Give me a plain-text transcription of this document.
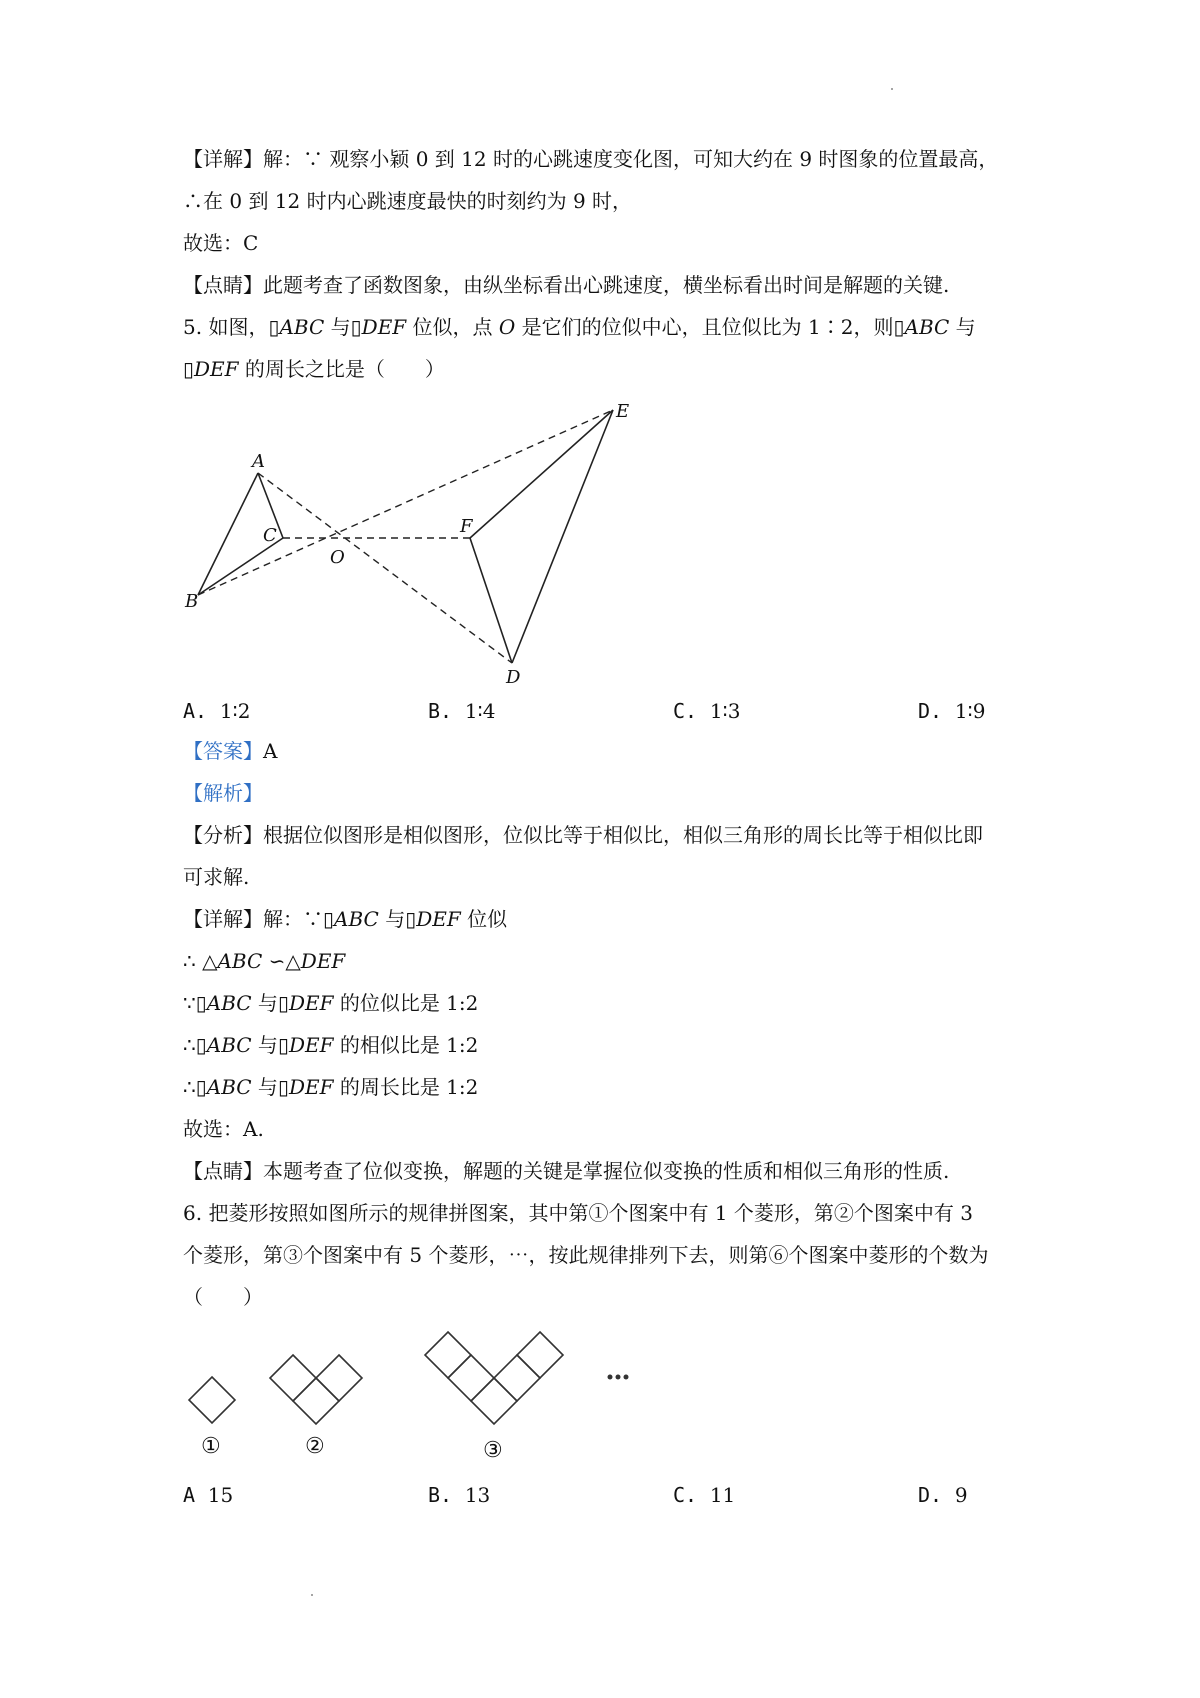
【详解】解：∵ 观察小颖 0 到 12 时的心跳速度变化图，可知大约在 9 时图象的位置最高，
∴在 0 到 12 时内心跳速度最快的时刻约为 9 时，
故选：C
【点睛】此题考查了函数图象，由纵坐标看出心跳速度，横坐标看出时间是解题的关键.
5. 如图，▯ABC 与▯DEF 位似，点 O 是它们的位似中心，且位似比为 1∶2，则▯ABC 与
▯DEF 的周长之比是（　　）
A
B
C
O
D
E
F
A. 1∶2	B. 1∶4	C. 1∶3	D. 1∶9
【答案】A
【解析】
【分析】根据位似图形是相似图形，位似比等于相似比，相似三角形的周长比等于相似比即
可求解.
【详解】解：∵▯ABC 与▯DEF 位似
∴ △ABC ∽△DEF
∵▯ABC 与▯DEF 的位似比是 1:2
∴▯ABC 与▯DEF 的相似比是 1:2
∴▯ABC 与▯DEF 的周长比是 1:2
故选：A.
【点睛】本题考查了位似变换，解题的关键是掌握位似变换的性质和相似三角形的性质.
6. 把菱形按照如图所示的规律拼图案，其中第①个图案中有 1 个菱形，第②个图案中有 3
个菱形，第③个图案中有 5 个菱形，⋯，按此规律排列下去，则第⑥个图案中菱形的个数为
（　　）
①	②	③
A 15	B. 13	C. 11	D. 9
